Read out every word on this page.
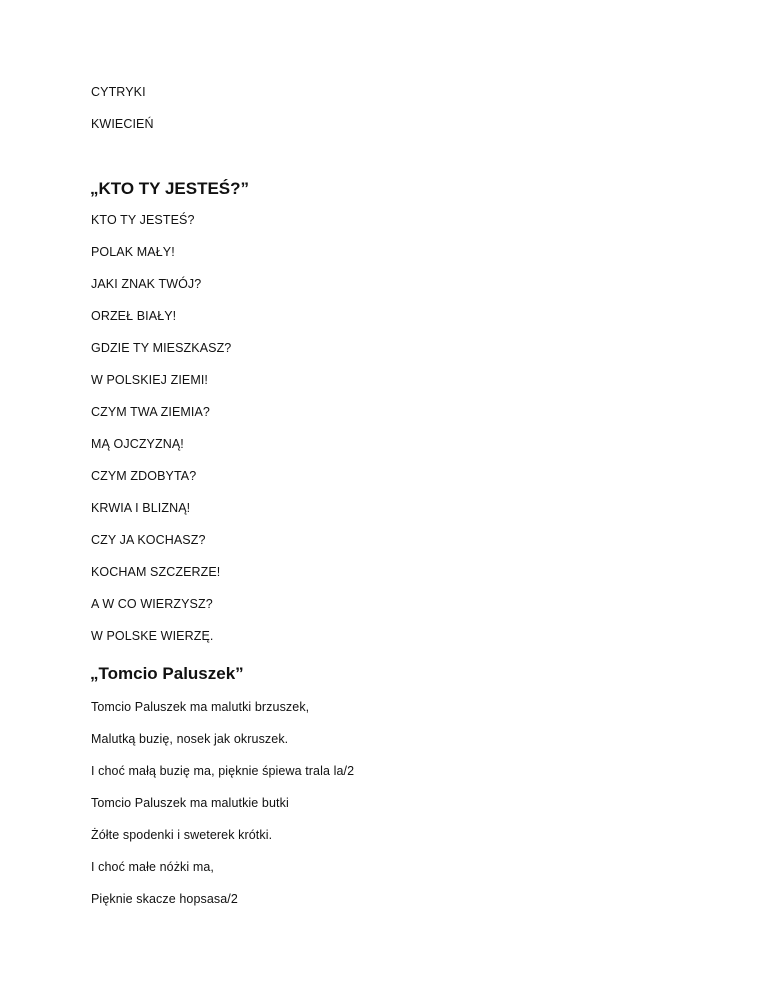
CYTRYKI
KWIECIEŃ
„KTO TY JESTEŚ?”
KTO TY JESTEŚ?
POLAK MAŁY!
JAKI ZNAK TWÓJ?
ORZEŁ BIAŁY!
GDZIE TY MIESZKASZ?
W POLSKIEJ ZIEMI!
CZYM TWA ZIEMIA?
MĄ OJCZYZNĄ!
CZYM ZDOBYTA?
KRWIA I BLIZNĄ!
CZY JA KOCHASZ?
KOCHAM SZCZERZE!
A W CO WIERZYSZ?
W POLSKE WIERZĘ.
„Tomcio Paluszek”
Tomcio Paluszek ma malutki brzuszek,
Malutką buzię, nosek jak okruszek.
I choć małą buzię ma, pięknie śpiewa trala la/2
Tomcio Paluszek ma malutkie butki
Żółte spodenki i sweterek krótki.
I choć małe nóżki ma,
Pięknie skacze hopsasa/2
